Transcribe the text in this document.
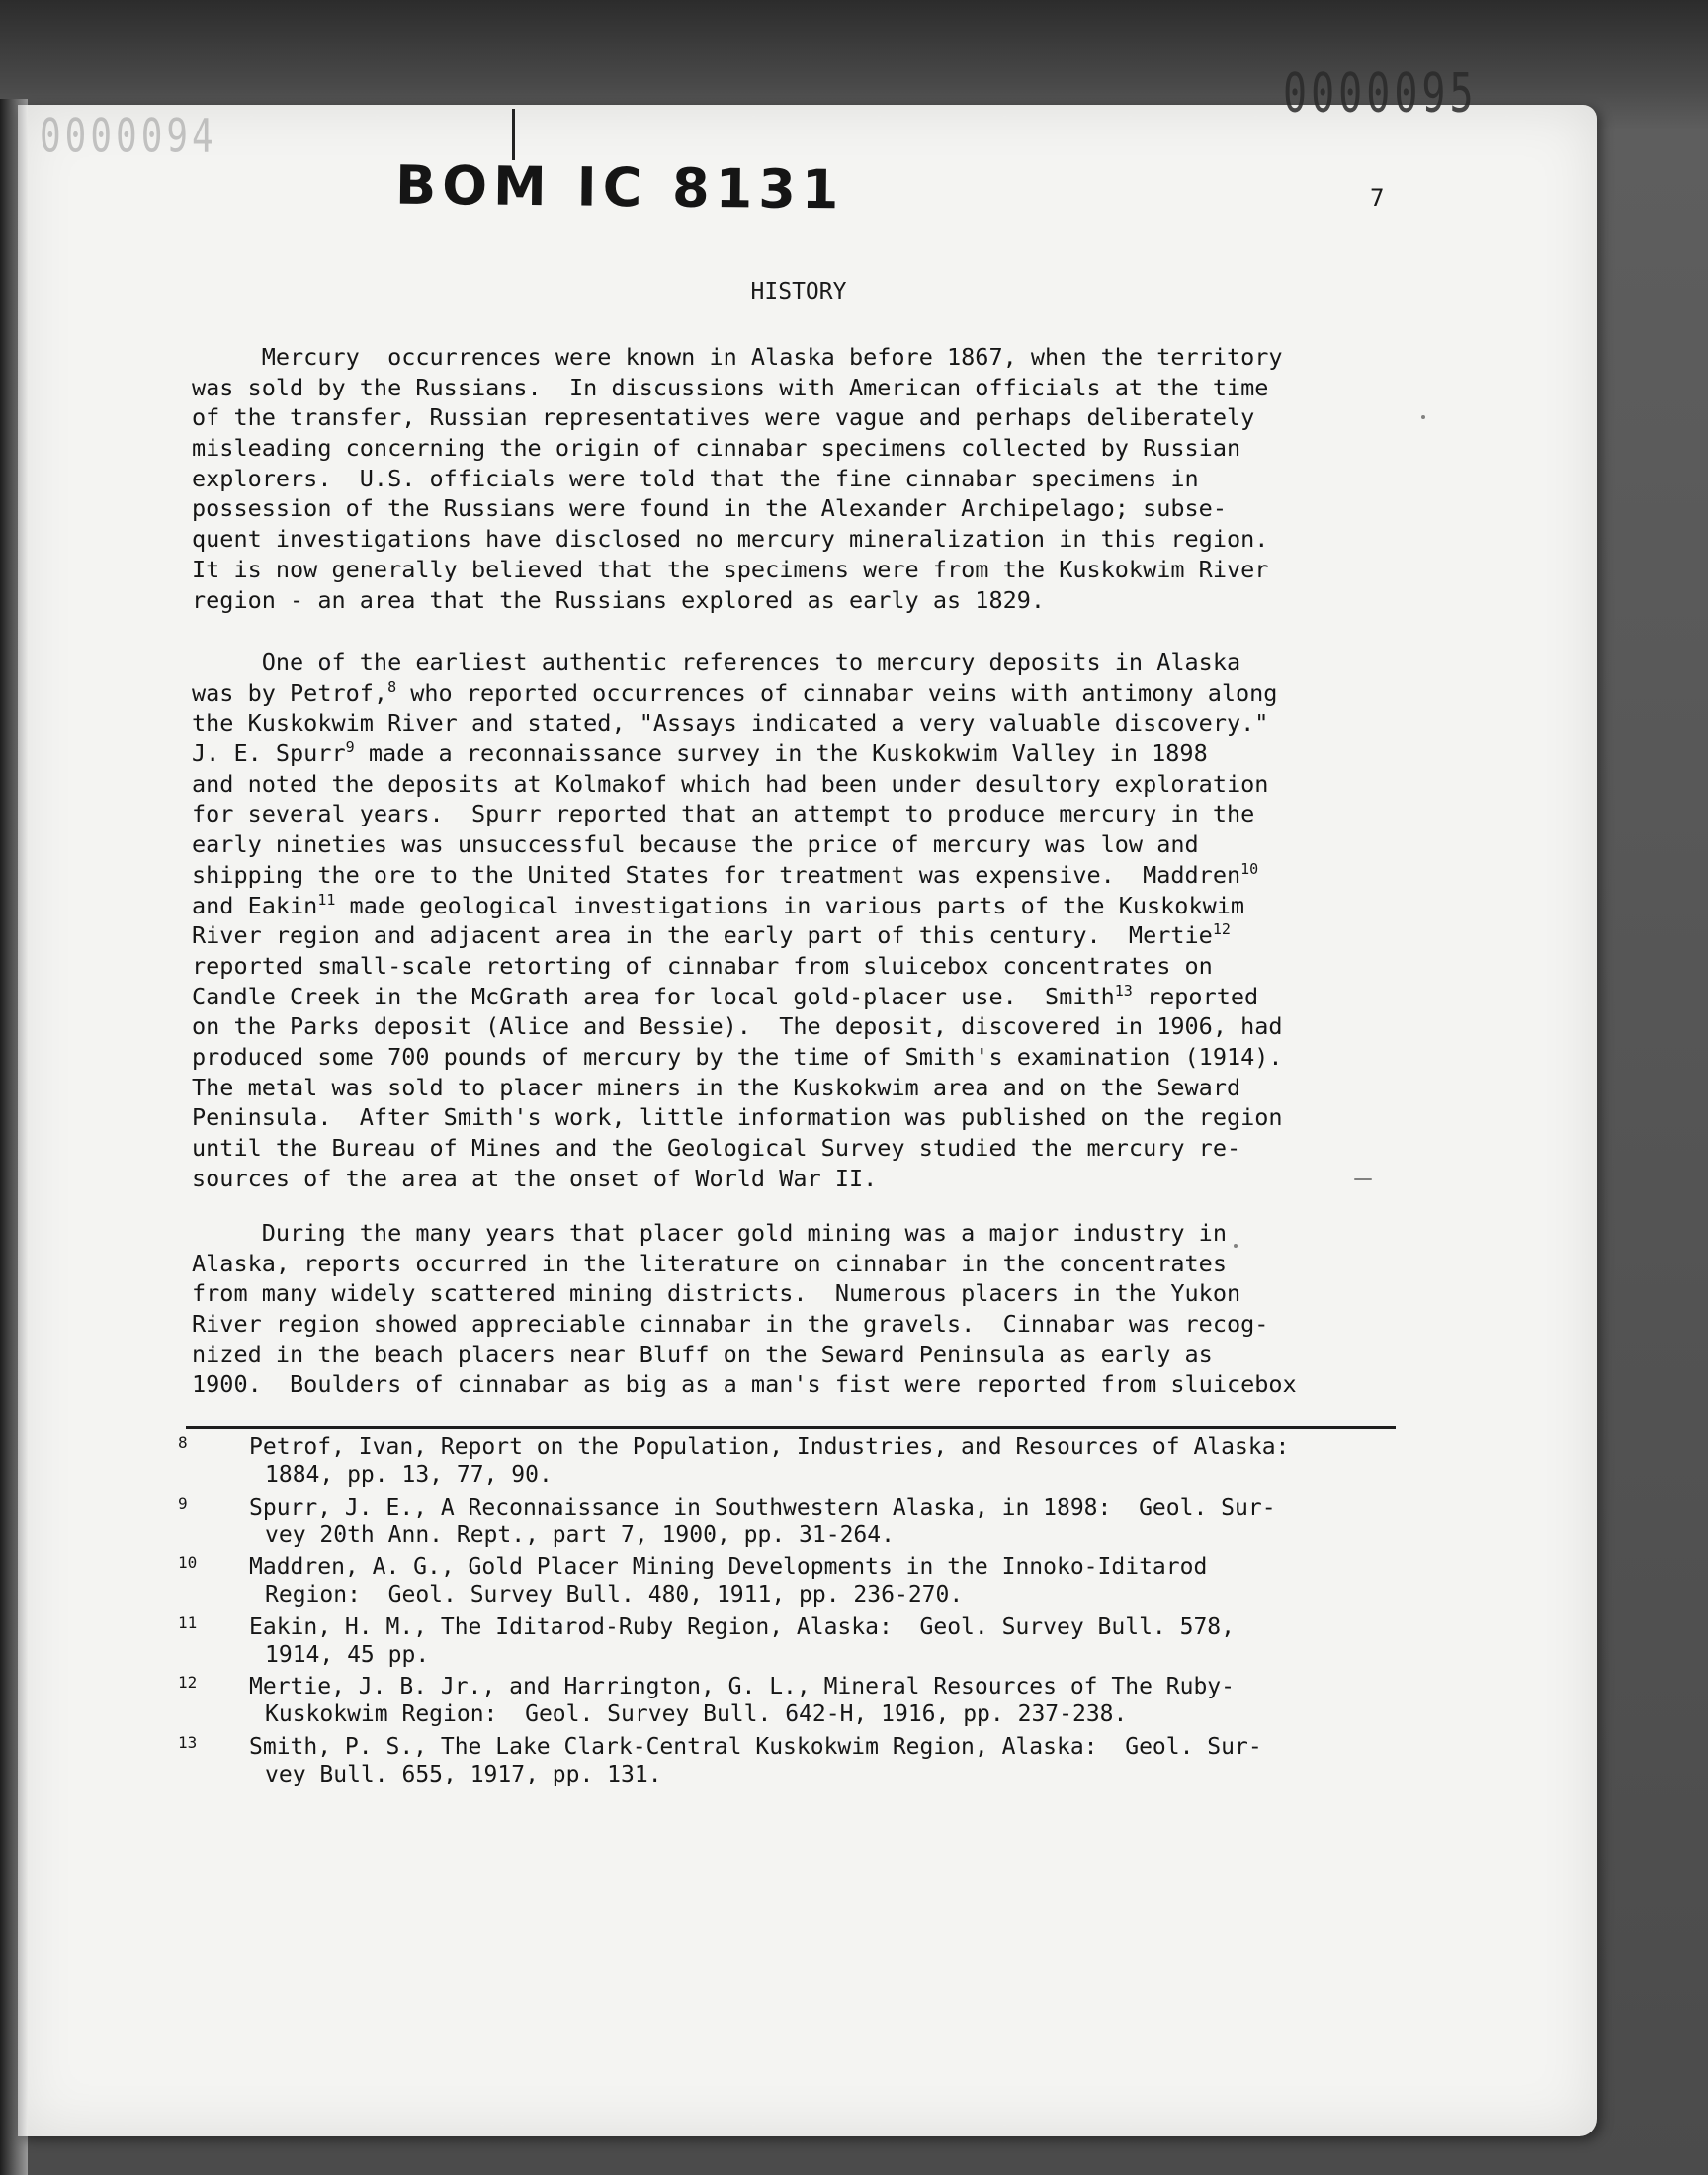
0000095
0000094
BOM IC 8131	7
HISTORY
Mercury  occurrences were known in Alaska before 1867, when the territory
was sold by the Russians.  In discussions with American officials at the time
of the transfer, Russian representatives were vague and perhaps deliberately
misleading concerning the origin of cinnabar specimens collected by Russian
explorers.  U.S. officials were told that the fine cinnabar specimens in
possession of the Russians were found in the Alexander Archipelago; subse-
quent investigations have disclosed no mercury mineralization in this region.
It is now generally believed that the specimens were from the Kuskokwim River
region - an area that the Russians explored as early as 1829.
One of the earliest authentic references to mercury deposits in Alaska
was by Petrof,$^8$ who reported occurrences of cinnabar veins with antimony along
the Kuskokwim River and stated, "Assays indicated a very valuable discovery."
J. E. Spurr$^9$ made a reconnaissance survey in the Kuskokwim Valley in 1898
and noted the deposits at Kolmakof which had been under desultory exploration
for several years.  Spurr reported that an attempt to produce mercury in the
early nineties was unsuccessful because the price of mercury was low and
shipping the ore to the United States for treatment was expensive.  Maddren$^{10}$
and Eakin$^{11}$ made geological investigations in various parts of the Kuskokwim
River region and adjacent area in the early part of this century.  Mertie$^{12}$
reported small-scale retorting of cinnabar from sluicebox concentrates on
Candle Creek in the McGrath area for local gold-placer use.  Smith$^{13}$ reported
on the Parks deposit (Alice and Bessie).  The deposit, discovered in 1906, had
produced some 700 pounds of mercury by the time of Smith's examination (1914).
The metal was sold to placer miners in the Kuskokwim area and on the Seward
Peninsula.  After Smith's work, little information was published on the region
until the Bureau of Mines and the Geological Survey studied the mercury re-
sources of the area at the onset of World War II.
During the many years that placer gold mining was a major industry in
Alaska, reports occurred in the literature on cinnabar in the concentrates
from many widely scattered mining districts.  Numerous placers in the Yukon
River region showed appreciable cinnabar in the gravels.  Cinnabar was recog-
nized in the beach placers near Bluff on the Seward Peninsula as early as
1900.  Boulders of cinnabar as big as a man's fist were reported from sluicebox
8	Petrof, Ivan, Report on the Population, Industries, and Resources of Alaska:
1884, pp. 13, 77, 90.
9	Spurr, J. E., A Reconnaissance in Southwestern Alaska, in 1898:  Geol. Sur-
vey 20th Ann. Rept., part 7, 1900, pp. 31-264.
10	Maddren, A. G., Gold Placer Mining Developments in the Innoko-Iditarod
Region:  Geol. Survey Bull. 480, 1911, pp. 236-270.
11	Eakin, H. M., The Iditarod-Ruby Region, Alaska:  Geol. Survey Bull. 578,
1914, 45 pp.
12	Mertie, J. B. Jr., and Harrington, G. L., Mineral Resources of The Ruby-
Kuskokwim Region:  Geol. Survey Bull. 642-H, 1916, pp. 237-238.
13	Smith, P. S., The Lake Clark-Central Kuskokwim Region, Alaska:  Geol. Sur-
vey Bull. 655, 1917, pp. 131.
